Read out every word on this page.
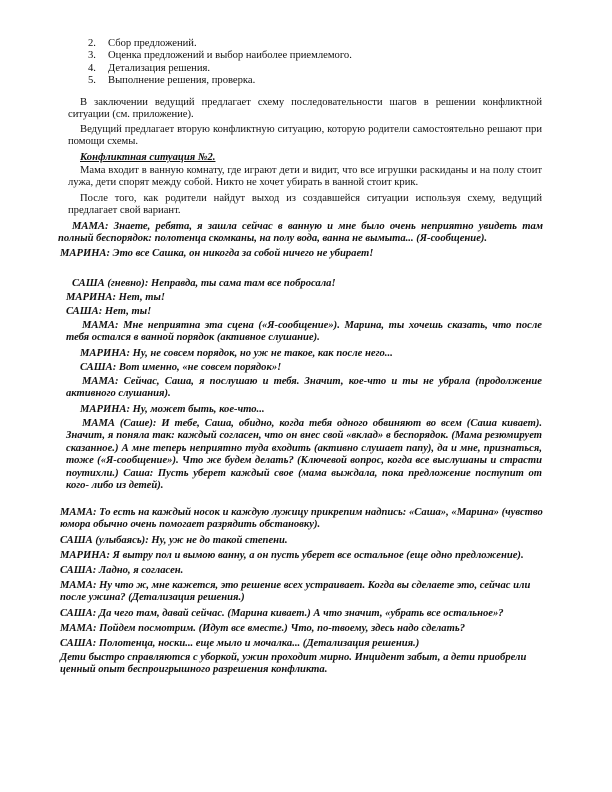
2. Сбор предложений.
3. Оценка предложений и выбор наиболее приемлемого.
4. Детализация решения.
5. Выполнение решения, проверка.

В заключении ведущий предлагает схему последовательности шагов в решении конфликтной ситуации (см. приложение).

Ведущий предлагает вторую конфликтную ситуацию, которую родители самостоятельно решают при помощи схемы.

Конфликтная ситуация №2.

Мама входит в ванную комнату, где играют дети и видит, что все игрушки раскиданы и на полу стоит лужа, дети спорят между собой. Никто не хочет убирать в ванной стоит крик.

После того, как родители найдут выход из создавшейся ситуации используя схему, ведущий предлагает свой вариант.

МАМА: Знаете, ребята, я зашла сейчас в ванную и мне было очень неприятно увидеть там полный беспорядок: полотенца скомканы, на полу вода, ванна не вымыта... (Я-сообщение).

МАРИНА: Это все Сашка, он никогда за собой ничего не убирает!

САША (гневно): Неправда, ты сама там все побросала!

МАРИНА: Нет, ты!

САША: Нет, ты!

МАМА: Мне неприятна эта сцена («Я-сообщение»). Марина, ты хочешь сказать, что после тебя остался в ванной порядок (активное слушание).

МАРИНА: Ну, не совсем порядок, но уж не такое, как после него...

САША: Вот именно, «не совсем порядок»!

МАМА: Сейчас, Саша, я послушаю и тебя. Значит, кое-что и ты не убрала (продолжение активного слушания).

МАРИНА: Ну, может быть, кое-что...

МАМА (Саше): И тебе, Саша, обидно, когда тебя одного обвиняют во всем (Саша кивает). Значит, я поняла так: каждый согласен, что он внес свой «вклад» в беспорядок. (Мама резюмирует сказанное.) А мне теперь неприятно туда входить (активно слушает папу), да и мне, признаться, тоже («Я-сообщение»). Что же будем делать? (Ключевой вопрос, когда все выслушаны и страсти поутихли.) Саша: Пусть уберет каждый свое (мама выждала, пока предложение поступит от кого- либо из детей).

МАМА: То есть на каждый носок и каждую лужицу прикрепим надпись: «Саша», «Марина» (чувство юмора обычно очень помогает разрядить обстановку).

САША (улыбаясь): Ну, уж не до такой степени.

МАРИНА: Я вытру пол и вымою ванну, а он пусть уберет все остальное (еще одно предложение).

САША: Ладно, я согласен.

МАМА: Ну что ж, мне кажется, это решение всех устраивает. Когда вы сделаете это, сейчас или после ужина? (Детализация решения.)

САША: Да чего там, давай сейчас. (Марина кивает.) А что значит, «убрать все остальное»?

МАМА: Пойдем посмотрим. (Идут все вместе.) Что, по-твоему, здесь надо сделать?

САША: Полотенца, носки... еще мыло и мочалка... (Детализация решения.)

Дети быстро справляются с уборкой, ужин проходит мирно. Инцидент забыт, а дети приобрели ценный опыт беспроигрышного разрешения конфликта.
